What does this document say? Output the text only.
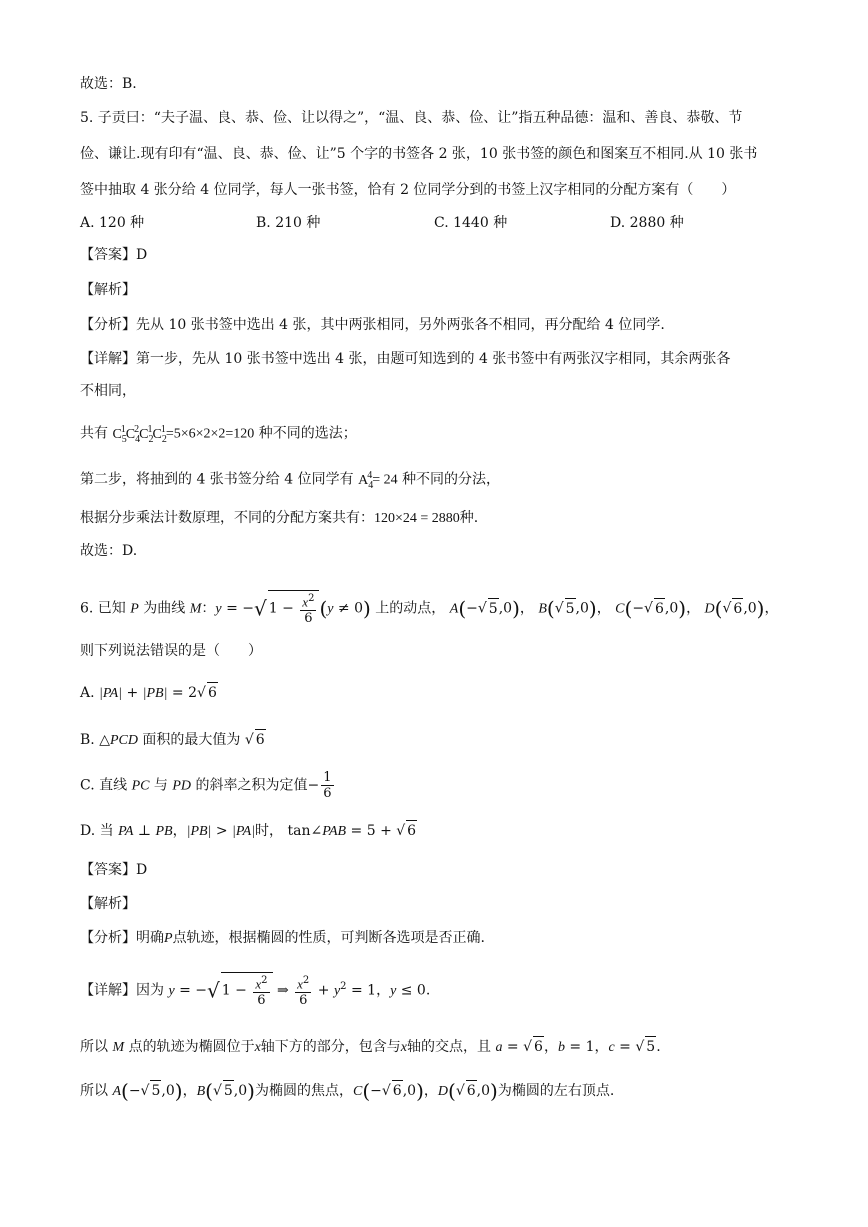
故选：B.
5. 子贡曰：“夫子温、良、恭、俭、让以得之”，“温、良、恭、俭、让”指五种品德：温和、善良、恭敬、节
俭、谦让.现有印有“温、良、恭、俭、让”5 个字的书签各 2 张，10 张书签的颜色和图案互不相同.从 10 张书
签中抽取 4 张分给 4 位同学，每人一张书签，恰有 2 位同学分到的书签上汉字相同的分配方案有（　　）
A. 120 种	B. 210 种	C. 1440 种	D. 2880 种
【答案】D
【解析】
【分析】先从 10 张书签中选出 4 张，其中两张相同，另外两张各不相同，再分配给 4 位同学.
【详解】第一步，先从 10 张书签中选出 4 张，由题可知选到的 4 张书签中有两张汉字相同，其余两张各
不相同，
共有 $C_5^1C_4^2C_2^1C_2^1=5\times 6\times 2\times 2=120$ 种不同的选法；
第二步，将抽到的 4 张书签分给 4 位同学有 $A_4^4= 24$ 种不同的分法，
根据分步乘法计数原理，不同的分配方案共有：120×24 = 2880种.
故选：D.
6. 已知 P 为曲线 M：y = −√ $1 - \frac{x^2}{6} (y \ne 0)$ 上的动点， A(−√ 5,0)， B(√ 5,0)， C(−√ 6,0)， D(√ 6,0)，
则下列说法错误的是（　　）
A. |PA| + |PB| = 2√ 6
B. △PCD 面积的最大值为 √ 6
C. 直线 PC 与 PD 的斜率之积为定值− $\frac{1}{6}$
D. 当 PA ⊥ PB，|PB| > |PA|时， tan∠PAB = 5 + √ 6
【答案】D
【解析】
【分析】明确P点轨迹，根据椭圆的性质，可判断各选项是否正确.
【详解】因为 y = −√ $1 - \frac{x^2}{6}$ ⇒ $\frac{x^2}{6} + y^2 = 1$，y ≤ 0.
所以 M 点的轨迹为椭圆位于x轴下方的部分，包含与x轴的交点，且 a = √ 6，b = 1，c = √ 5.
所以 A(−√ 5,0)，B(√ 5,0)为椭圆的焦点，C(−√ 6,0)，D(√ 6,0)为椭圆的左右顶点.
